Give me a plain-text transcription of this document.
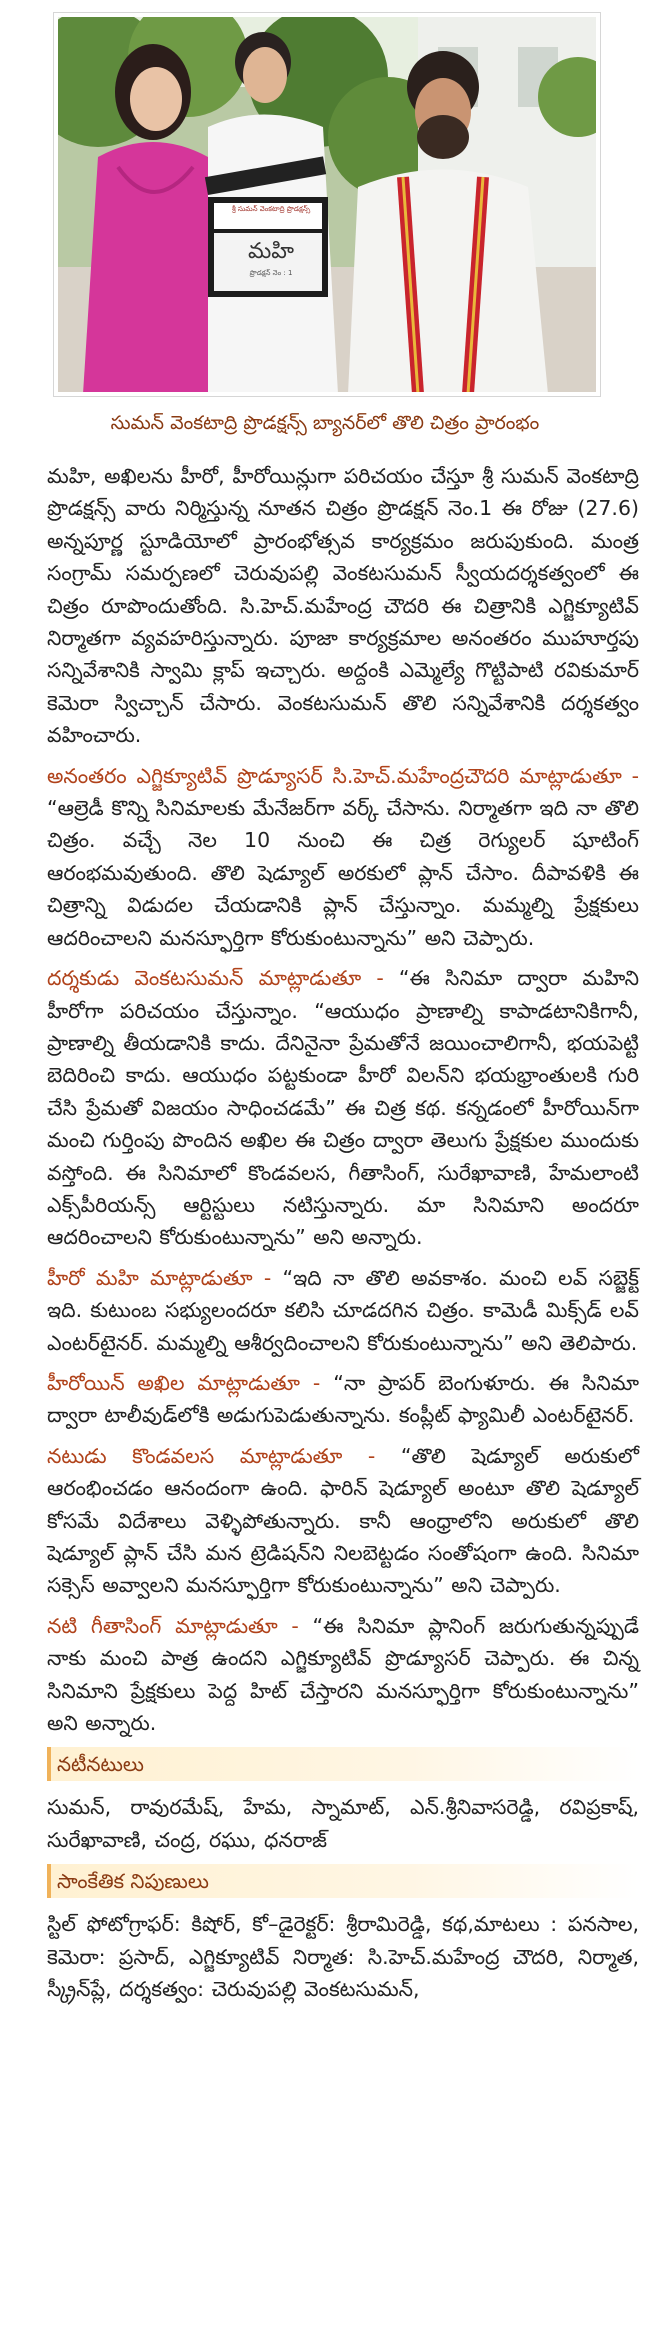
శ్రీ సుమన్ వెంకటాద్రి ప్రొడక్షన్స్
మహి
ప్రొడక్షన్ నెం : 1
సుమన్ వెంకటాద్రి ప్రొడక్షన్స్ బ్యానర్‌లో తొలి చిత్రం ప్రారంభం

మహి, అఖిలను హీరో, హీరోయిన్లుగా పరిచయం చేస్తూ శ్రీ సుమన్ వెంకటాద్రి ప్రొడక్షన్స్ వారు నిర్మిస్తున్న నూతన చిత్రం ప్రొడక్షన్ నెం.1 ఈ రోజు (27.6) అన్నపూర్ణ స్టూడియోలో ప్రారంభోత్సవ కార్యక్రమం జరుపుకుంది. మంత్ర సంగ్రామ్ సమర్పణలో చెరువుపల్లి వెంకటసుమన్ స్వీయదర్శకత్వంలో ఈ చిత్రం రూపొందుతోంది. సి.హెచ్.మహేంద్ర చౌదరి ఈ చిత్రానికి ఎగ్జిక్యూటివ్ నిర్మాతగా వ్యవహరిస్తున్నారు. పూజా కార్యక్రమాల అనంతరం ముహూర్తపు సన్నివేశానికి స్వామి క్లాప్ ఇచ్చారు. అద్దంకి ఎమ్మెల్యే గొట్టిపాటి రవికుమార్ కెమెరా స్విచ్చాన్ చేసారు. వెంకటసుమన్ తొలి సన్నివేశానికి దర్శకత్వం వహించారు.

అనంతరం ఎగ్జిక్యూటివ్ ప్రొడ్యూసర్ సి.హెచ్.మహేంద్రచౌదరి మాట్లాడుతూ - “ఆల్రెడీ కొన్ని సినిమాలకు మేనేజర్‌గా వర్క్ చేసాను. నిర్మాతగా ఇది నా తొలి చిత్రం. వచ్చే నెల 10 నుంచి ఈ చిత్ర రెగ్యులర్ షూటింగ్ ఆరంభమవుతుంది. తొలి షెడ్యూల్ అరకులో ప్లాన్ చేసాం. దీపావళికి ఈ చిత్రాన్ని విడుదల చేయడానికి ప్లాన్ చేస్తున్నాం. మమ్మల్ని ప్రేక్షకులు ఆదరించాలని మనస్ఫూర్తిగా కోరుకుంటున్నాను” అని చెప్పారు.

దర్శకుడు వెంకటసుమన్ మాట్లాడుతూ - “ఈ సినిమా ద్వారా మహిని హీరోగా పరిచయం చేస్తున్నాం. “ఆయుధం ప్రాణాల్ని కాపాడటానికిగానీ, ప్రాణాల్ని తీయడానికి కాదు. దేనినైనా ప్రేమతోనే జయించాలిగానీ, భయపెట్టి బెదిరించి కాదు. ఆయుధం పట్టకుండా హీరో విలన్‌ని భయభ్రాంతులకి గురి చేసి ప్రేమతో విజయం సాధించడమే” ఈ చిత్ర కథ. కన్నడంలో హీరోయిన్‌గా మంచి గుర్తింపు పొందిన అఖిల ఈ చిత్రం ద్వారా తెలుగు ప్రేక్షకుల ముందుకు వస్తోంది. ఈ సినిమాలో కొండవలస, గీతాసింగ్, సురేఖావాణి, హేమలాంటి ఎక్స్‌పీరియన్స్ ఆర్టిస్టులు నటిస్తున్నారు. మా సినిమాని అందరూ ఆదరించాలని కోరుకుంటున్నాను” అని అన్నారు.

హీరో మహి మాట్లాడుతూ - “ఇది నా తొలి అవకాశం. మంచి లవ్ సబ్జెక్ట్ ఇది. కుటుంబ సభ్యులందరూ కలిసి చూడదగిన చిత్రం. కామెడీ మిక్స్‌డ్ లవ్ ఎంటర్‌టైనర్. మమ్మల్ని ఆశీర్వదించాలని కోరుకుంటున్నాను” అని తెలిపారు.

హీరోయిన్ అఖిల మాట్లాడుతూ - “నా ప్రాపర్ బెంగుళూరు. ఈ సినిమా ద్వారా టాలీవుడ్‌లోకి అడుగుపెడుతున్నాను. కంప్లీట్ ఫ్యామిలీ ఎంటర్‌టైనర్.

నటుడు కొండవలస మాట్లాడుతూ - “తొలి షెడ్యూల్ అరుకులో ఆరంభించడం ఆనందంగా ఉంది. ఫారిన్ షెడ్యూల్ అంటూ తొలి షెడ్యూల్ కోసమే విదేశాలు వెళ్ళిపోతున్నారు. కానీ ఆంధ్రాలోని అరుకులో తొలి షెడ్యూల్ ప్లాన్ చేసి మన ట్రెడిషన్‌ని నిలబెట్టడం సంతోషంగా ఉంది. సినిమా సక్సెస్ అవ్వాలని మనస్ఫూర్తిగా కోరుకుంటున్నాను” అని చెప్పారు.

నటి గీతాసింగ్ మాట్లాడుతూ - “ఈ సినిమా ప్లానింగ్ జరుగుతున్నప్పుడే నాకు మంచి పాత్ర ఉందని ఎగ్జిక్యూటివ్ ప్రొడ్యూసర్ చెప్పారు. ఈ చిన్న సినిమాని ప్రేక్షకులు పెద్ద హిట్ చేస్తారని మనస్ఫూర్తిగా కోరుకుంటున్నాను” అని అన్నారు.

నటీనటులు

సుమన్, రావురమేష్, హేమ, స్నామాట్, ఎన్.శ్రీనివాసరెడ్డి, రవిప్రకాష్, సురేఖావాణి, చంద్ర, రఘు, ధనరాజ్

సాంకేతిక నిపుణులు

స్టిల్ ఫోటోగ్రాఫర్: కిషోర్, కో–డైరెక్టర్: శ్రీరామిరెడ్డి, కథ,మాటలు : పనసాల, కెమెరా: ప్రసాద్, ఎగ్జిక్యూటివ్ నిర్మాత: సి.హెచ్.మహేంద్ర చౌదరి, నిర్మాత, స్క్రీన్‌ప్లే, దర్శకత్వం: చెరువుపల్లి వెంకటసుమన్,
